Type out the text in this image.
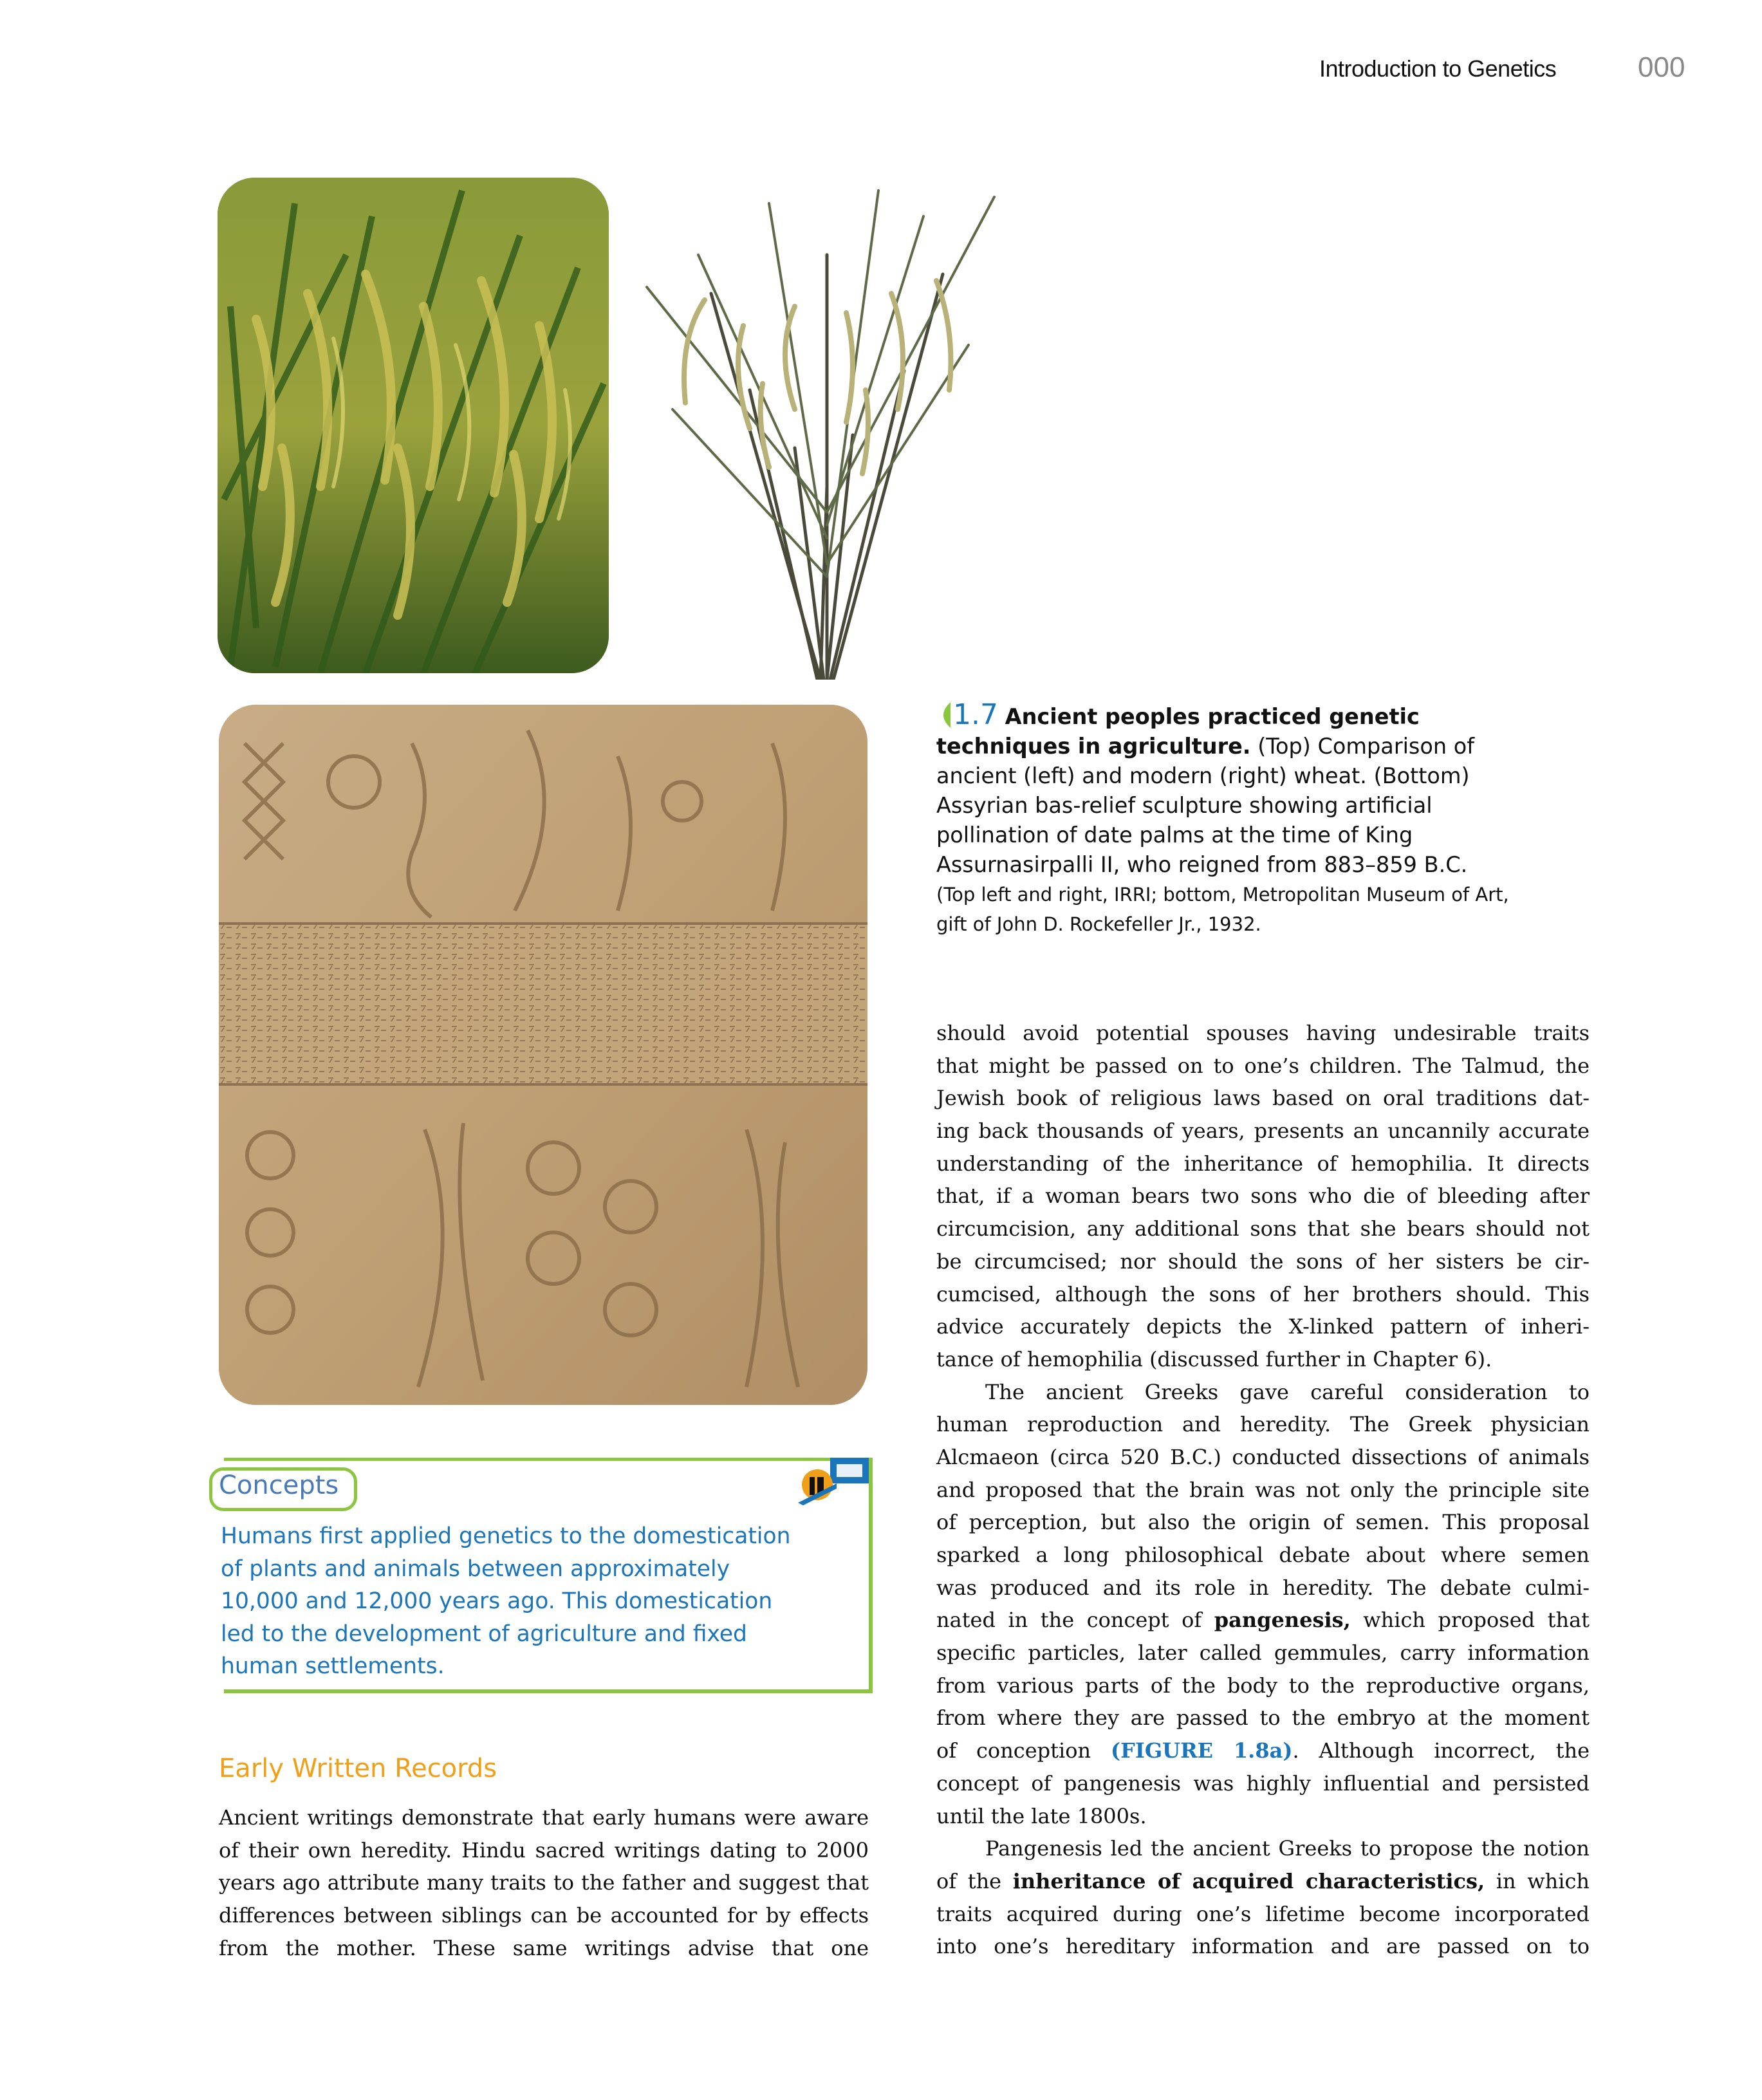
Introduction to Genetics	000
1.7 Ancient peoples practiced genetic
techniques in agriculture. (Top) Comparison of
ancient (left) and modern (right) wheat. (Bottom)
Assyrian bas-relief sculpture showing artificial
pollination of date palms at the time of King
Assurnasirpalli II, who reigned from 883–859 B.C.
(Top left and right, IRRI; bottom, Metropolitan Museum of Art,
gift of John D. Rockefeller Jr., 1932.
Concepts
Humans first applied genetics to the domestication
of plants and animals between approximately
10,000 and 12,000 years ago. This domestication
led to the development of agriculture and fixed
human settlements.
Early Written Records
Ancient writings demonstrate that early humans were aware
of their own heredity. Hindu sacred writings dating to 2000
years ago attribute many traits to the father and suggest that
differences between siblings can be accounted for by effects
from the mother. These same writings advise that one
should avoid potential spouses having undesirable traits
that might be passed on to one’s children. The Talmud, the
Jewish book of religious laws based on oral traditions dat-
ing back thousands of years, presents an uncannily accurate
understanding of the inheritance of hemophilia. It directs
that, if a woman bears two sons who die of bleeding after
circumcision, any additional sons that she bears should not
be circumcised; nor should the sons of her sisters be cir-
cumcised, although the sons of her brothers should. This
advice accurately depicts the X-linked pattern of inheri-
tance of hemophilia (discussed further in Chapter 6).
The ancient Greeks gave careful consideration to
human reproduction and heredity. The Greek physician
Alcmaeon (circa 520 B.C.) conducted dissections of animals
and proposed that the brain was not only the principle site
of perception, but also the origin of semen. This proposal
sparked a long philosophical debate about where semen
was produced and its role in heredity. The debate culmi-
nated in the concept of pangenesis, which proposed that
specific particles, later called gemmules, carry information
from various parts of the body to the reproductive organs,
from where they are passed to the embryo at the moment
of conception (FIGURE 1.8a). Although incorrect, the
concept of pangenesis was highly influential and persisted
until the late 1800s.
Pangenesis led the ancient Greeks to propose the notion
of the inheritance of acquired characteristics, in which
traits acquired during one’s lifetime become incorporated
into one’s hereditary information and are passed on to
